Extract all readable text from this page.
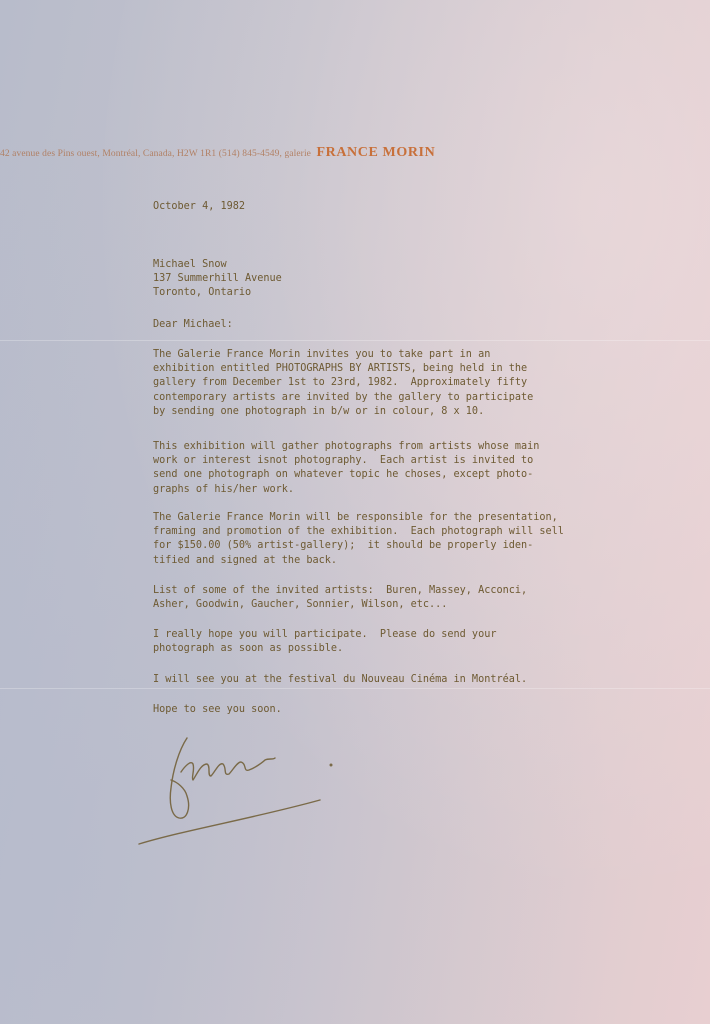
42 avenue des Pins ouest, Montréal, Canada, H2W 1R1 (514) 845-4549, galerie FRANCE MORIN
October 4, 1982
Michael Snow
137 Summerhill Avenue
Toronto, Ontario
Dear Michael:
The Galerie France Morin invites you to take part in an
exhibition entitled PHOTOGRAPHS BY ARTISTS, being held in the
gallery from December 1st to 23rd, 1982.  Approximately fifty
contemporary artists are invited by the gallery to participate
by sending one photograph in b/w or in colour, 8 x 10.
This exhibition will gather photographs from artists whose main
work or interest isnot photography.  Each artist is invited to
send one photograph on whatever topic he choses, except photo-
graphs of his/her work.
The Galerie France Morin will be responsible for the presentation,
framing and promotion of the exhibition.  Each photograph will sell
for $150.00 (50% artist-gallery);  it should be properly iden-
tified and signed at the back.
List of some of the invited artists:  Buren, Massey, Acconci,
Asher, Goodwin, Gaucher, Sonnier, Wilson, etc...
I really hope you will participate.  Please do send your
photograph as soon as possible.
I will see you at the festival du Nouveau Cinéma in Montréal.
Hope to see you soon.
